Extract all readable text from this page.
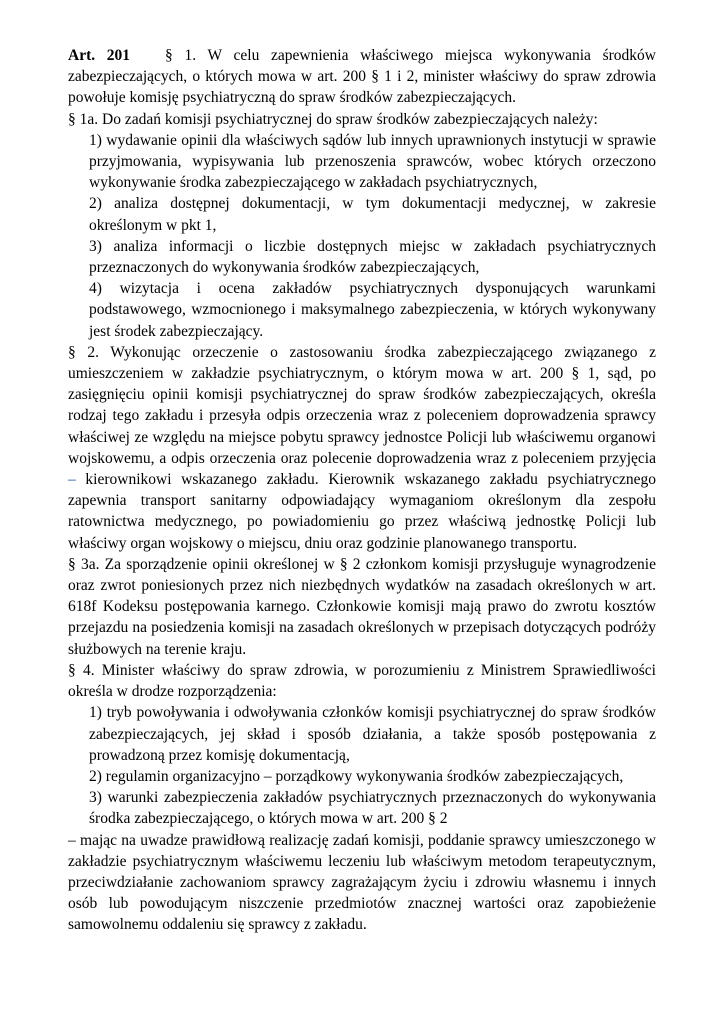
Art. 201 § 1. W celu zapewnienia właściwego miejsca wykonywania środków zabezpieczających, o których mowa w art. 200 § 1 i 2, minister właściwy do spraw zdrowia powołuje komisję psychiatryczną do spraw środków zabezpieczających.

§ 1a. Do zadań komisji psychiatrycznej do spraw środków zabezpieczających należy:

1) wydawanie opinii dla właściwych sądów lub innych uprawnionych instytucji w sprawie przyjmowania, wypisywania lub przenoszenia sprawców, wobec których orzeczono wykonywanie środka zabezpieczającego w zakładach psychiatrycznych,

2) analiza dostępnej dokumentacji, w tym dokumentacji medycznej, w zakresie określonym w pkt 1,

3) analiza informacji o liczbie dostępnych miejsc w zakładach psychiatrycznych przeznaczonych do wykonywania środków zabezpieczających,

4) wizytacja i ocena zakładów psychiatrycznych dysponujących warunkami podstawowego, wzmocnionego i maksymalnego zabezpieczenia, w których wykonywany jest środek zabezpieczający.

§ 2. Wykonując orzeczenie o zastosowaniu środka zabezpieczającego związanego z umieszczeniem w zakładzie psychiatrycznym, o którym mowa w art. 200 § 1, sąd, po zasięgnięciu opinii komisji psychiatrycznej do spraw środków zabezpieczających, określa rodzaj tego zakładu i przesyła odpis orzeczenia wraz z poleceniem doprowadzenia sprawcy właściwej ze względu na miejsce pobytu sprawcy jednostce Policji lub właściwemu organowi wojskowemu, a odpis orzeczenia oraz polecenie doprowadzenia wraz z poleceniem przyjęcia – kierownikowi wskazanego zakładu. Kierownik wskazanego zakładu psychiatrycznego zapewnia transport sanitarny odpowiadający wymaganiom określonym dla zespołu ratownictwa medycznego, po powiadomieniu go przez właściwą jednostkę Policji lub właściwy organ wojskowy o miejscu, dniu oraz godzinie planowanego transportu.

§ 3a. Za sporządzenie opinii określonej w § 2 członkom komisji przysługuje wynagrodzenie oraz zwrot poniesionych przez nich niezbędnych wydatków na zasadach określonych w art. 618f Kodeksu postępowania karnego. Członkowie komisji mają prawo do zwrotu kosztów przejazdu na posiedzenia komisji na zasadach określonych w przepisach dotyczących podróży służbowych na terenie kraju.

§ 4. Minister właściwy do spraw zdrowia, w porozumieniu z Ministrem Sprawiedliwości określa w drodze rozporządzenia:

1) tryb powoływania i odwoływania członków komisji psychiatrycznej do spraw środków zabezpieczających, jej skład i sposób działania, a także sposób postępowania z prowadzoną przez komisję dokumentacją,

2) regulamin organizacyjno – porządkowy wykonywania środków zabezpieczających,

3) warunki zabezpieczenia zakładów psychiatrycznych przeznaczonych do wykonywania środka zabezpieczającego, o których mowa w art. 200 § 2

– mając na uwadze prawidłową realizację zadań komisji, poddanie sprawcy umieszczonego w zakładzie psychiatrycznym właściwemu leczeniu lub właściwym metodom terapeutycznym, przeciwdziałanie zachowaniom sprawcy zagrażającym życiu i zdrowiu własnemu i innych osób lub powodującym niszczenie przedmiotów znacznej wartości oraz zapobieżenie samowolnemu oddaleniu się sprawcy z zakładu.
